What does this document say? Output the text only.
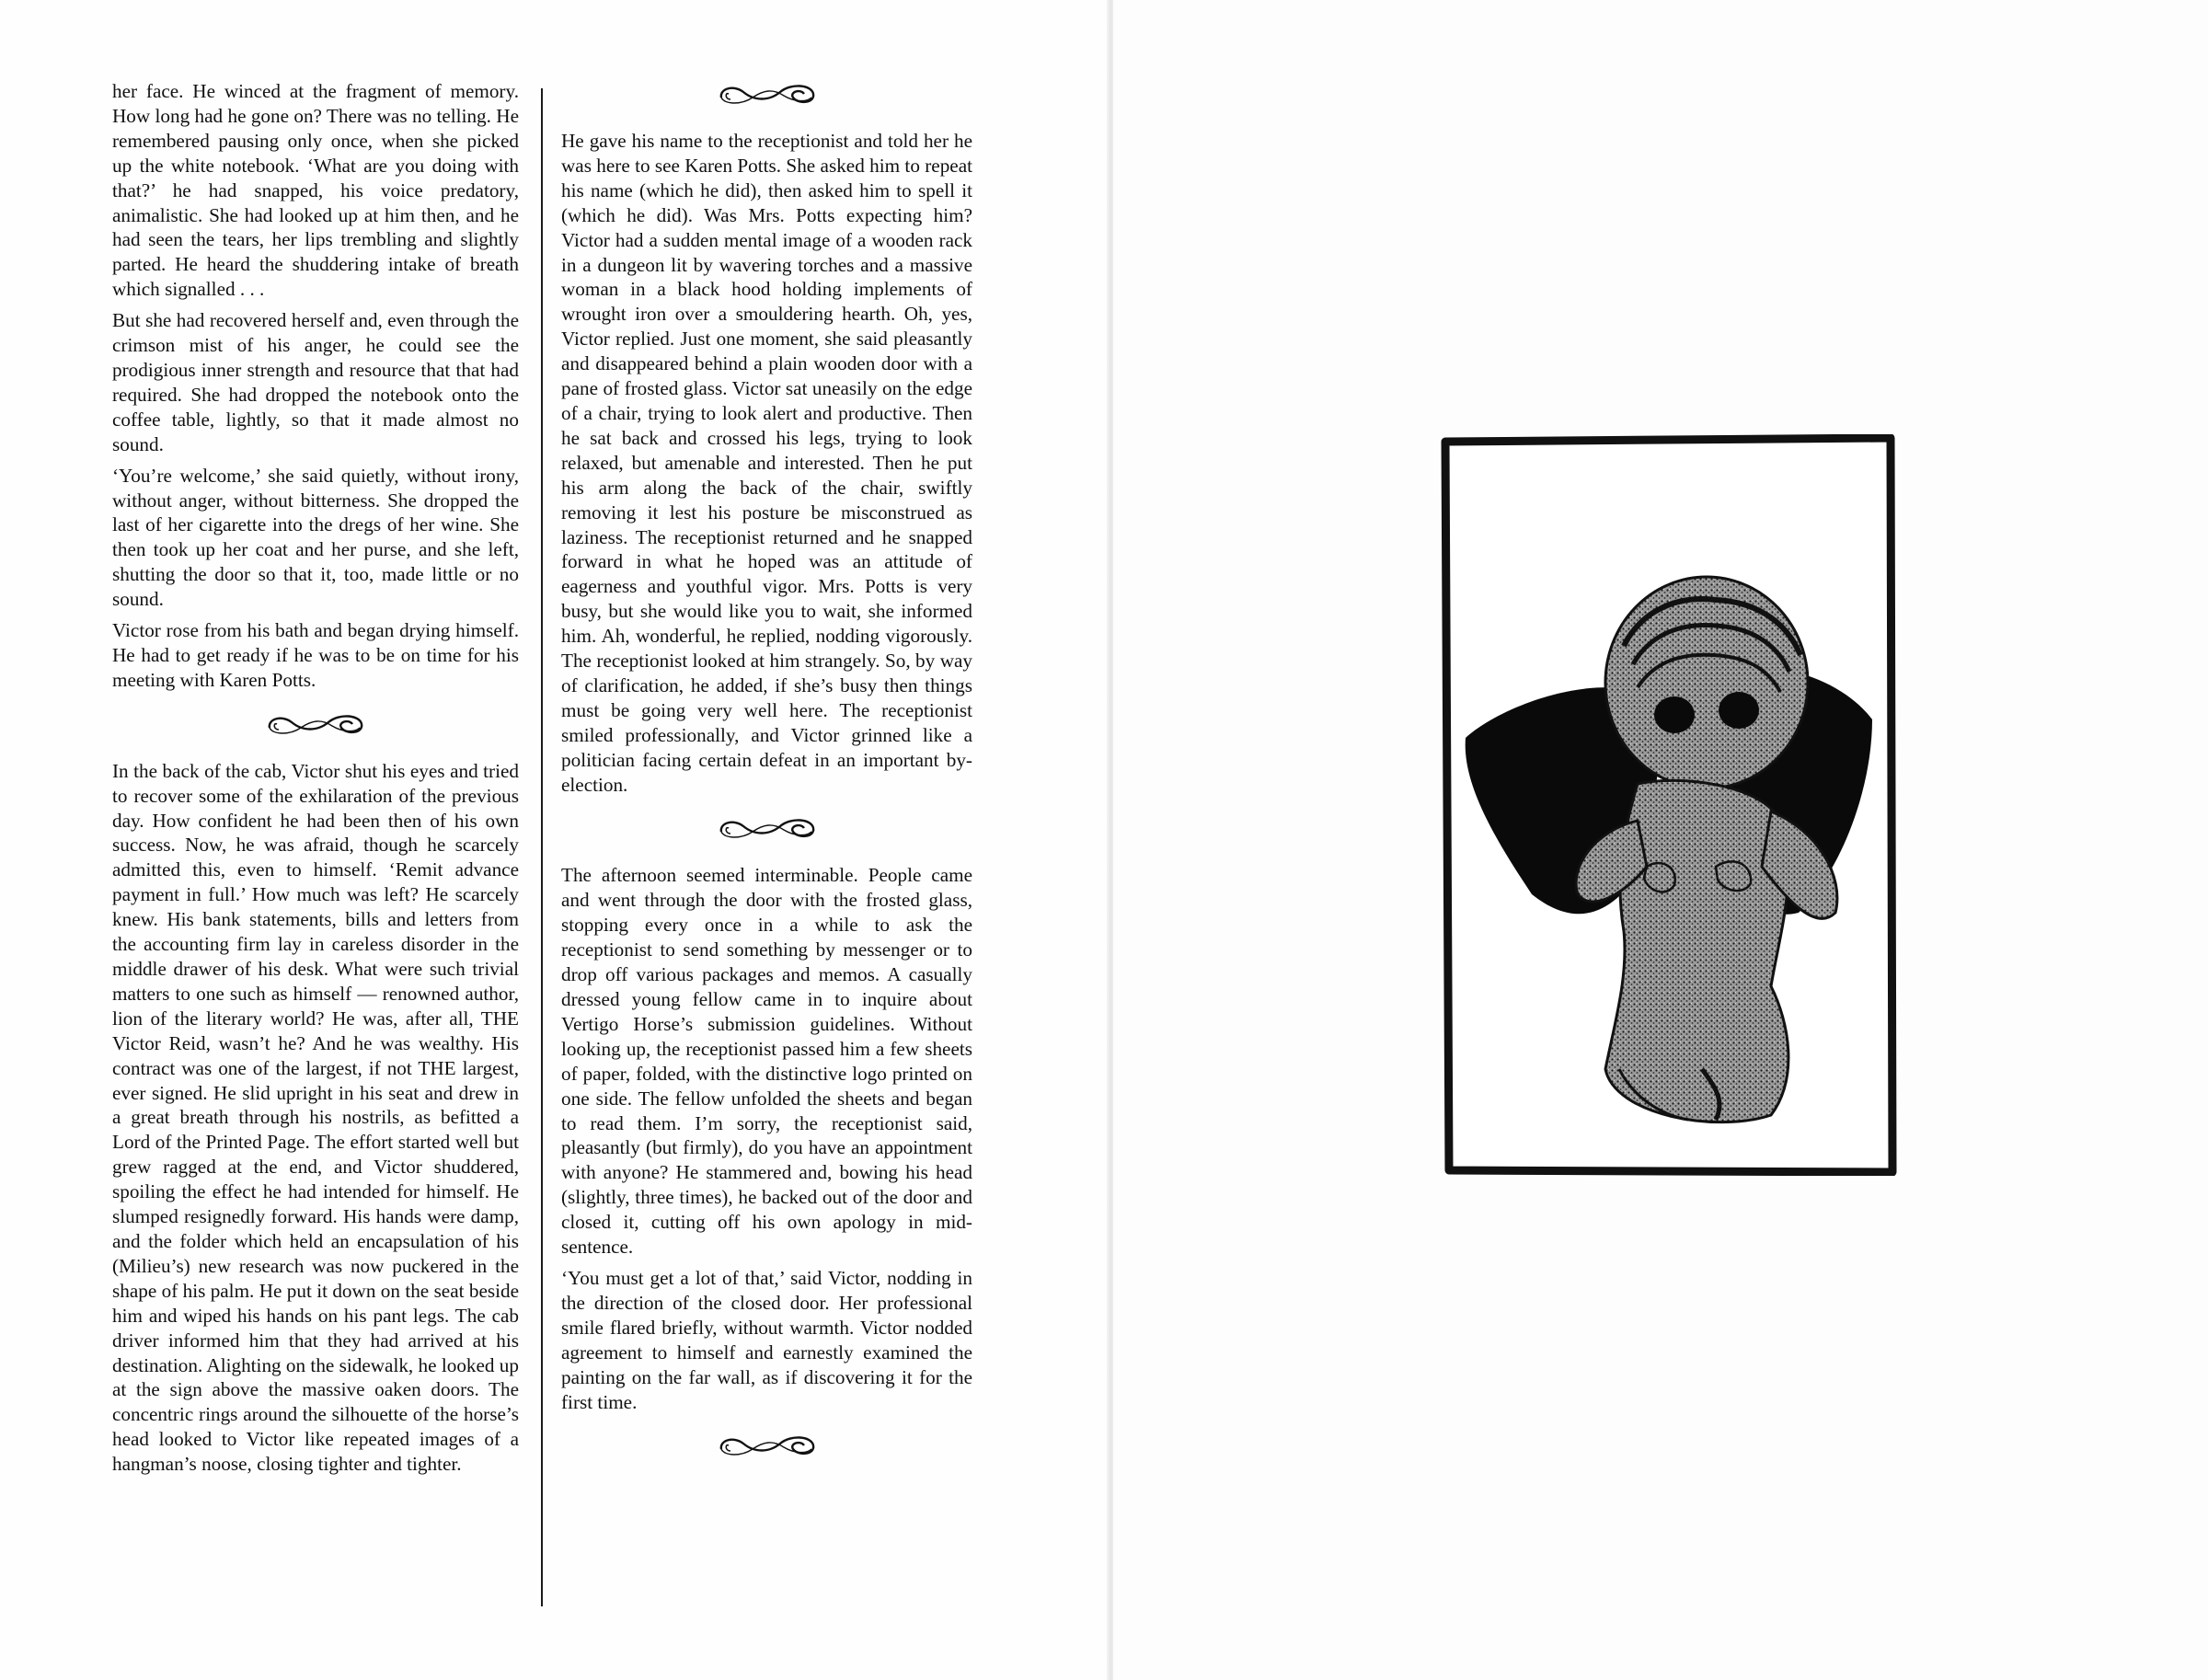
her face. He winced at the fragment of memory. How long had he gone on? There was no telling. He remembered pausing only once, when she picked up the white notebook. ‘What are you doing with that?’ he had snapped, his voice predatory, animalistic. She had looked up at him then, and he had seen the tears, her lips trembling and slightly parted. He heard the shuddering intake of breath which signalled . . .

But she had recovered herself and, even through the crimson mist of his anger, he could see the prodigious inner strength and resource that that had required. She had dropped the notebook onto the coffee table, lightly, so that it made almost no sound.

‘You’re welcome,’ she said quietly, without irony, without anger, without bitterness. She dropped the last of her cigarette into the dregs of her wine. She then took up her coat and her purse, and she left, shutting the door so that it, too, made little or no sound.

Victor rose from his bath and began drying himself. He had to get ready if he was to be on time for his meeting with Karen Potts.

In the back of the cab, Victor shut his eyes and tried to recover some of the exhilaration of the previous day. How confident he had been then of his own success. Now, he was afraid, though he scarcely admitted this, even to himself. ‘Remit advance payment in full.’ How much was left? He scarcely knew. His bank statements, bills and letters from the accounting firm lay in careless disorder in the middle drawer of his desk. What were such trivial matters to one such as himself — renowned author, lion of the literary world? He was, after all, THE Victor Reid, wasn’t he? And he was wealthy. His contract was one of the largest, if not THE largest, ever signed. He slid upright in his seat and drew in a great breath through his nostrils, as befitted a Lord of the Printed Page. The effort started well but grew ragged at the end, and Victor shuddered, spoiling the effect he had intended for himself. He slumped resignedly forward. His hands were damp, and the folder which held an encapsulation of his (Milieu’s) new research was now puckered in the shape of his palm. He put it down on the seat beside him and wiped his hands on his pant legs. The cab driver informed him that they had arrived at his destination. Alighting on the sidewalk, he looked up at the sign above the massive oaken doors. The concentric rings around the silhouette of the horse’s head looked to Victor like repeated images of a hangman’s noose, closing tighter and tighter.

He gave his name to the receptionist and told her he was here to see Karen Potts. She asked him to repeat his name (which he did), then asked him to spell it (which he did). Was Mrs. Potts expecting him? Victor had a sudden mental image of a wooden rack in a dungeon lit by wavering torches and a massive woman in a black hood holding implements of wrought iron over a smouldering hearth. Oh, yes, Victor replied. Just one moment, she said pleasantly and disappeared behind a plain wooden door with a pane of frosted glass. Victor sat uneasily on the edge of a chair, trying to look alert and productive. Then he sat back and crossed his legs, trying to look relaxed, but amenable and interested. Then he put his arm along the back of the chair, swiftly removing it lest his posture be misconstrued as laziness. The receptionist returned and he snapped forward in what he hoped was an attitude of eagerness and youthful vigor. Mrs. Potts is very busy, but she would like you to wait, she informed him. Ah, wonderful, he replied, nodding vigorously. The receptionist looked at him strangely. So, by way of clarification, he added, if she’s busy then things must be going very well here. The receptionist smiled professionally, and Victor grinned like a politician facing certain defeat in an important by-election.

The afternoon seemed interminable. People came and went through the door with the frosted glass, stopping every once in a while to ask the receptionist to send something by messenger or to drop off various packages and memos. A casually dressed young fellow came in to inquire about Vertigo Horse’s submission guidelines. Without looking up, the receptionist passed him a few sheets of paper, folded, with the distinctive logo printed on one side. The fellow unfolded the sheets and began to read them. I’m sorry, the receptionist said, pleasantly (but firmly), do you have an appointment with anyone? He stammered and, bowing his head (slightly, three times), he backed out of the door and closed it, cutting off his own apology in mid-sentence.

‘You must get a lot of that,’ said Victor, nodding in the direction of the closed door. Her professional smile flared briefly, without warmth. Victor nodded agreement to himself and earnestly examined the painting on the far wall, as if discovering it for the first time.
